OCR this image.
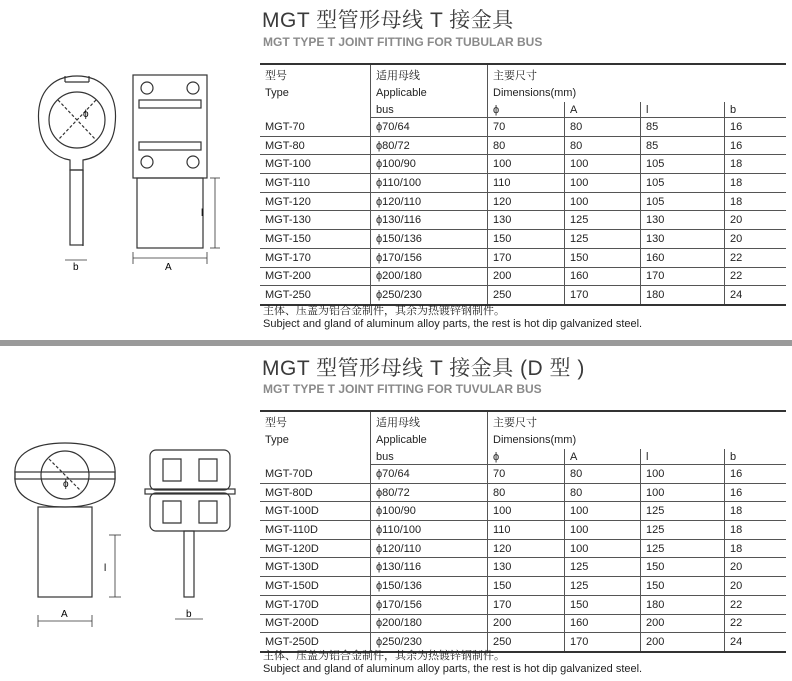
MGT 型管形母线 T 接金具
MGT TYPE T JOINT FITTING FOR TUBULAR BUS
ϕ
b	A
l
型号
Type	适用母线
Applicable	主要尺寸
Dimensions(mm)			
	bus	ϕ	A	l	b
MGT-70	ϕ70/64	70	80	85	16
MGT-80	ϕ80/72	80	80	85	16
MGT-100	ϕ100/90	100	100	105	18
MGT-110	ϕ110/100	110	100	105	18
MGT-120	ϕ120/110	120	100	105	18
MGT-130	ϕ130/116	130	125	130	20
MGT-150	ϕ150/136	150	125	130	20
MGT-170	ϕ170/156	170	150	160	22
MGT-200	ϕ200/180	200	160	170	22
MGT-250	ϕ250/230	250	170	180	24
主体、压盖为铝合金制件，其余为热镀锌钢制件。
Subject and gland of aluminum alloy parts, the rest is hot dip galvanized steel.
MGT 型管形母线 T 接金具 (D 型 )
MGT TYPE T JOINT FITTING FOR TUVULAR BUS
ϕ
A
l
b
型号
Type	适用母线
Applicable	主要尺寸
Dimensions(mm)			
	bus	ϕ	A	l	b
MGT-70D	ϕ70/64	70	80	100	16
MGT-80D	ϕ80/72	80	80	100	16
MGT-100D	ϕ100/90	100	100	125	18
MGT-110D	ϕ110/100	110	100	125	18
MGT-120D	ϕ120/110	120	100	125	18
MGT-130D	ϕ130/116	130	125	150	20
MGT-150D	ϕ150/136	150	125	150	20
MGT-170D	ϕ170/156	170	150	180	22
MGT-200D	ϕ200/180	200	160	200	22
MGT-250D	ϕ250/230	250	170	200	24
主体、压盖为铝合金制件，其余为热镀锌钢制件。
Subject and gland of aluminum alloy parts, the rest is hot dip galvanized steel.
